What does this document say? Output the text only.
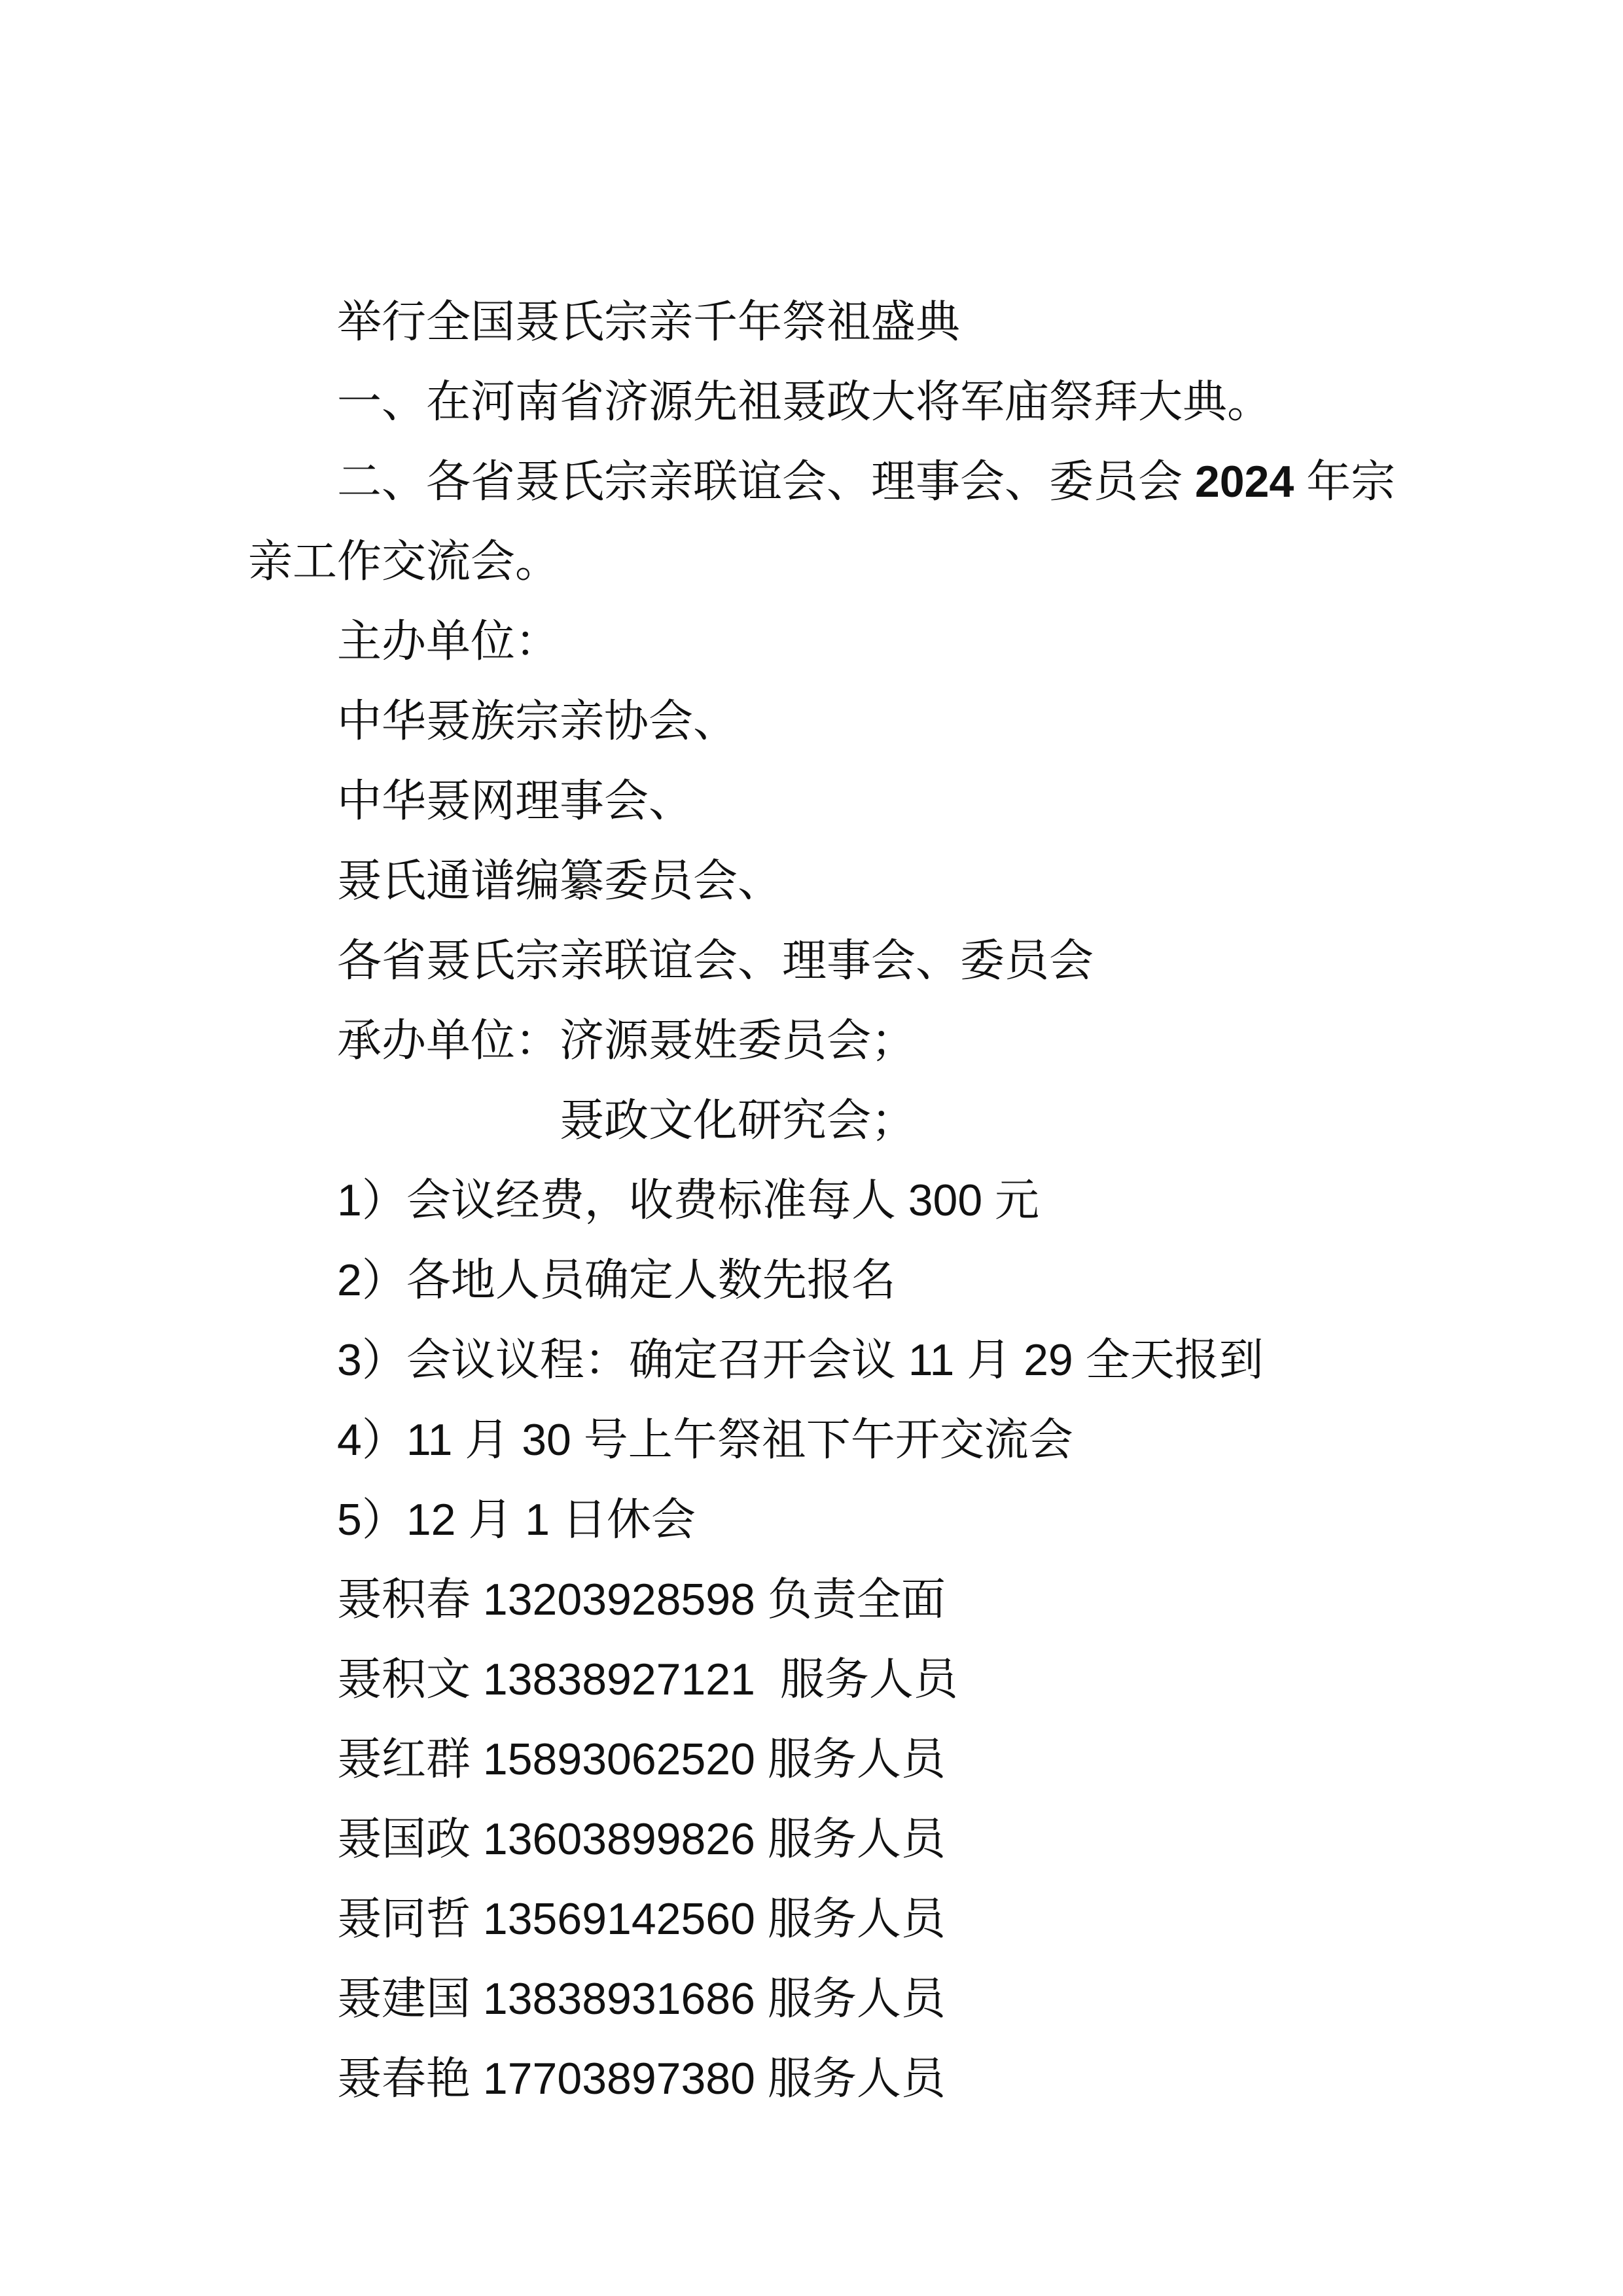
举行全国聂氏宗亲千年祭祖盛典
一、在河南省济源先祖聂政大将军庙祭拜大典。
二、各省聂氏宗亲联谊会、理事会、委员会 2024 年宗
亲工作交流会。
主办单位：
中华聂族宗亲协会、
中华聂网理事会、
聂氏通谱编纂委员会、
各省聂氏宗亲联谊会、理事会、委员会
承办单位：济源聂姓委员会；
聂政文化研究会；
1）会议经费，收费标准每人 300 元
2）各地人员确定人数先报名
3）会议议程：确定召开会议 11 月 29 全天报到
4）11 月 30 号上午祭祖下午开交流会
5）12 月 1 日休会
聂积春 13203928598 负责全面
聂积文 13838927121 服务人员
聂红群 15893062520 服务人员
聂国政 13603899826 服务人员
聂同哲 13569142560 服务人员
聂建国 13838931686 服务人员
聂春艳 17703897380 服务人员
